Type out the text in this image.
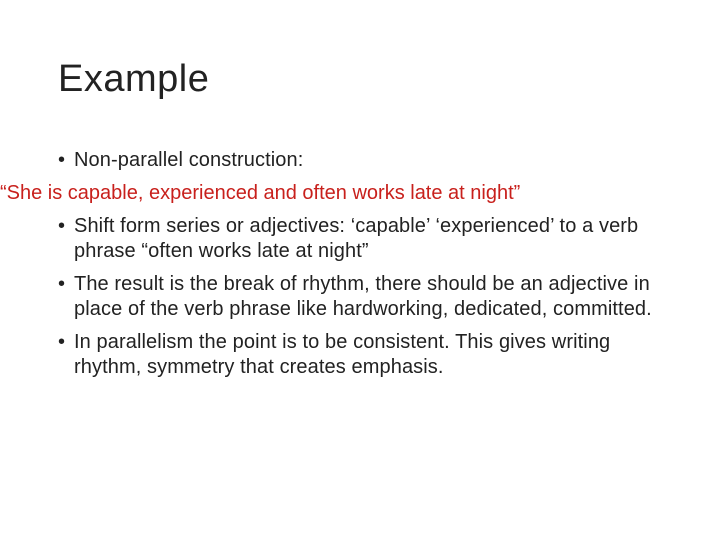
Example
• Non-parallel construction:
“She is capable, experienced and often works late at night”
• Shift form series or adjectives: ‘capable’ ‘experienced’ to a verb phrase “often works late at night”
• The result is the break of rhythm, there should be an adjective in place of the verb phrase like hardworking, dedicated, committed.
• In parallelism the point is to be consistent. This gives writing rhythm, symmetry that creates emphasis.
